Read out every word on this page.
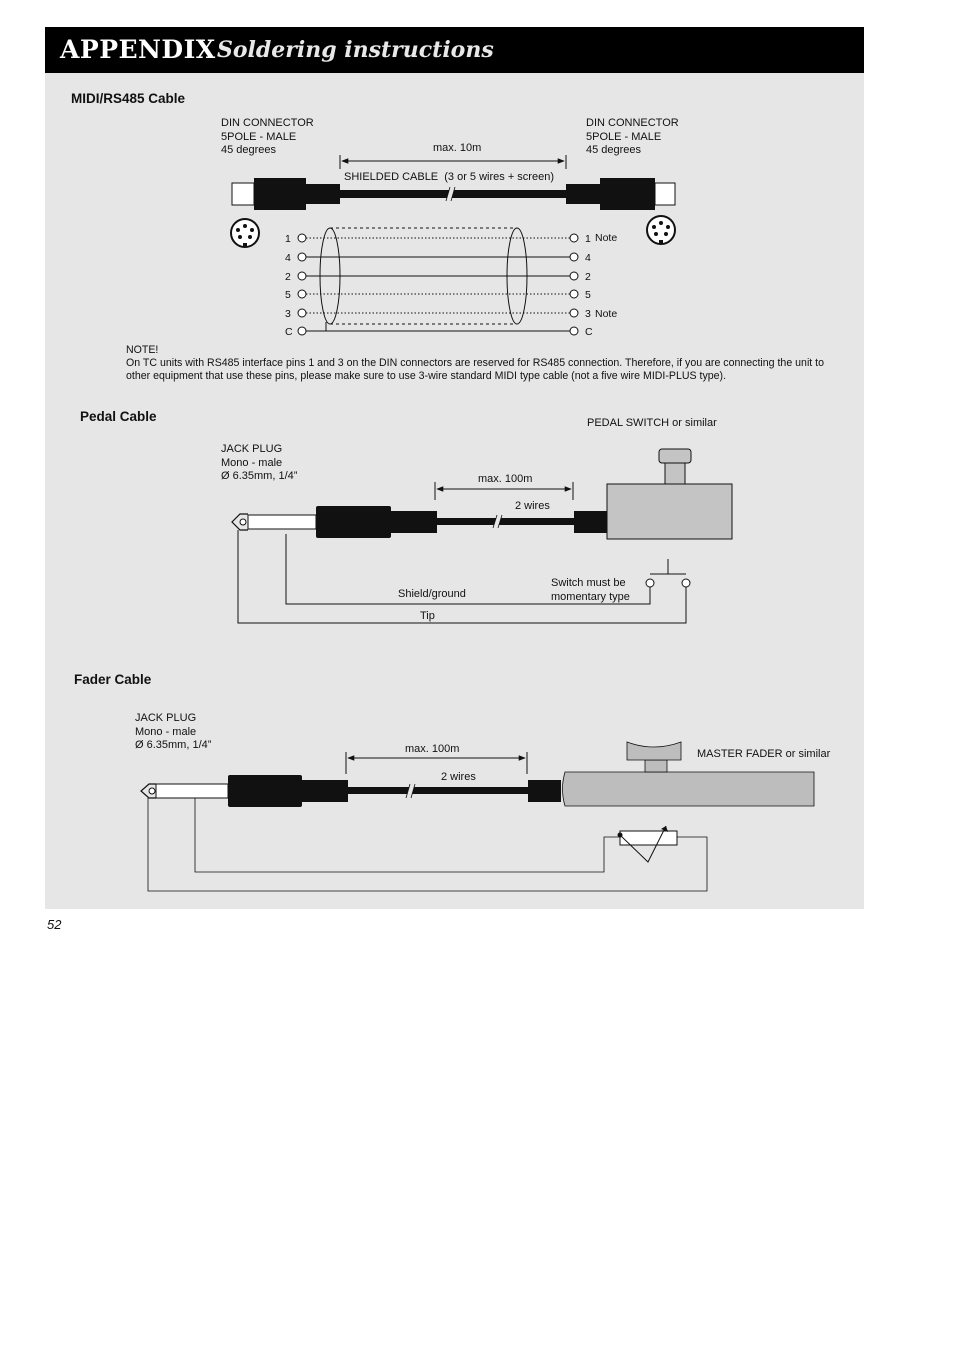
APPENDIX Soldering instructions
MIDI/RS485 Cable
DIN CONNECTOR
5POLE - MALE
45 degrees
DIN CONNECTOR
5POLE - MALE
45 degrees
max. 10m
SHIELDED CABLE  (3 or 5 wires + screen)

NOTE!

On TC units with RS485 interface pins 1 and 3 on the DIN connectors are reserved for RS485 connection. Therefore, if you are connecting the unit to other equipment that use these pins, please make sure to use 3-wire standard MIDI type cable (not a five wire MIDI-PLUS type).

Pedal Cable	PEDAL SWITCH or similar
JACK PLUG
Mono - male
Ø 6.35mm, 1/4”	max. 100m
2 wires
Switch must be
momentary type
Shield/ground
Tip
Fader Cable
JACK PLUG
Mono - male
Ø 6.35mm, 1/4”	max. 100m
2 wires
MASTER FADER or similar
52
1
4
2
5
3
C
1
4
2
5
3
C
Note
Note
